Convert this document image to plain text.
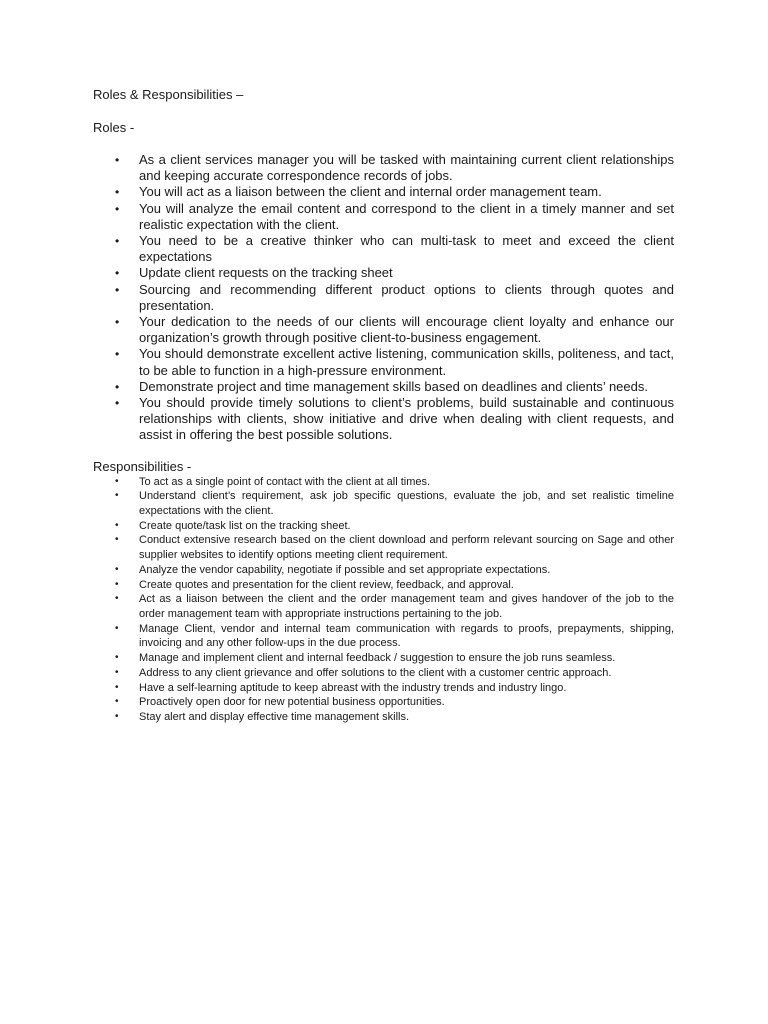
Roles & Responsibilities –

Roles -

• As a client services manager you will be tasked with maintaining current client relationships and keeping accurate correspondence records of jobs.
• You will act as a liaison between the client and internal order management team.
• You will analyze the email content and correspond to the client in a timely manner and set realistic expectation with the client.
• You need to be a creative thinker who can multi-task to meet and exceed the client expectations
• Update client requests on the tracking sheet
• Sourcing and recommending different product options to clients through quotes and presentation.
• Your dedication to the needs of our clients will encourage client loyalty and enhance our organization’s growth through positive client-to-business engagement.
• You should demonstrate excellent active listening, communication skills, politeness, and tact, to be able to function in a high-pressure environment.
• Demonstrate project and time management skills based on deadlines and clients’ needs.
• You should provide timely solutions to client’s problems, build sustainable and continuous relationships with clients, show initiative and drive when dealing with client requests, and assist in offering the best possible solutions.

Responsibilities -

• To act as a single point of contact with the client at all times.
• Understand client’s requirement, ask job specific questions, evaluate the job, and set realistic timeline expectations with the client.
• Create quote/task list on the tracking sheet.
• Conduct extensive research based on the client download and perform relevant sourcing on Sage and other supplier websites to identify options meeting client requirement.
• Analyze the vendor capability, negotiate if possible and set appropriate expectations.
• Create quotes and presentation for the client review, feedback, and approval.
• Act as a liaison between the client and the order management team and gives handover of the job to the order management team with appropriate instructions pertaining to the job.
• Manage Client, vendor and internal team communication with regards to proofs, prepayments, shipping, invoicing and any other follow-ups in the due process.
• Manage and implement client and internal feedback / suggestion to ensure the job runs seamless.
• Address to any client grievance and offer solutions to the client with a customer centric approach.
• Have a self-learning aptitude to keep abreast with the industry trends and industry lingo.
• Proactively open door for new potential business opportunities.
• Stay alert and display effective time management skills.
